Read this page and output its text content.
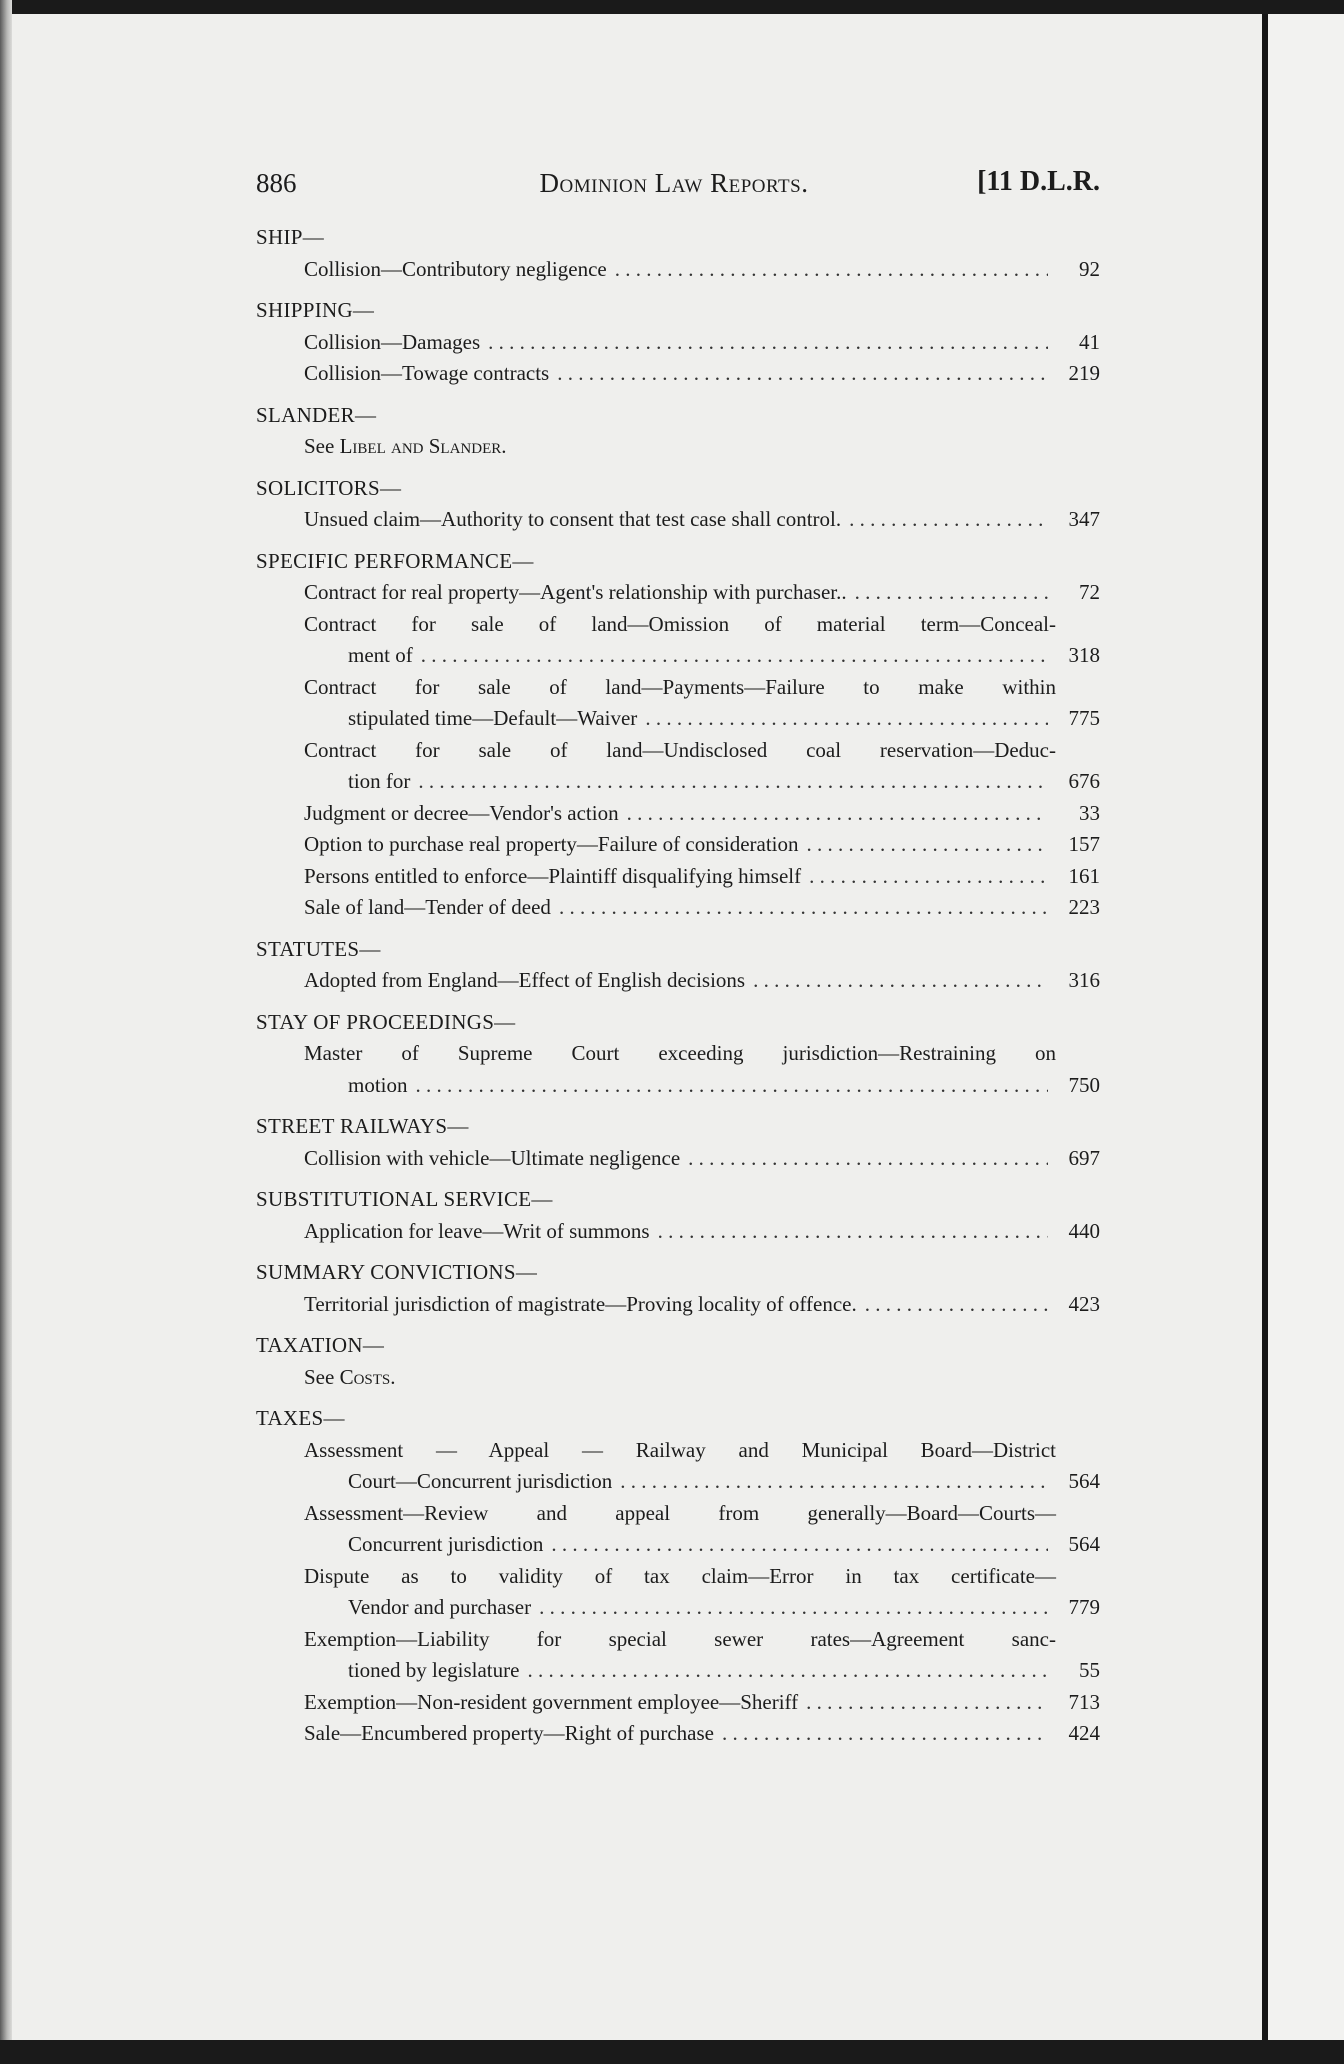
886	Dominion Law Reports.	[11 D.L.R.
SHIP—
Collision—Contributory negligence . . .	92
SHIPPING—
Collision—Damages . . .	41
Collision—Towage contracts . . .	219
SLANDER—
See Libel and Slander.
SOLICITORS—
Unsued claim—Authority to consent that test case shall control. . . .	347
SPECIFIC PERFORMANCE—
Contract for real property—Agent's relationship with purchaser.. . . .	72
Contract for sale of land—Omission of material term—Conceal-
ment of . . .	318
Contract for sale of land—Payments—Failure to make within
stipulated time—Default—Waiver . . .	775
Contract for sale of land—Undisclosed coal reservation—Deduc-
tion for . . .	676
Judgment or decree—Vendor's action . . .	33
Option to purchase real property—Failure of consideration . . .	157
Persons entitled to enforce—Plaintiff disqualifying himself . . .	161
Sale of land—Tender of deed . . .	223
STATUTES—
Adopted from England—Effect of English decisions . . .	316
STAY OF PROCEEDINGS—
Master of Supreme Court exceeding jurisdiction—Restraining on
motion . . .	750
STREET RAILWAYS—
Collision with vehicle—Ultimate negligence . . .	697
SUBSTITUTIONAL SERVICE—
Application for leave—Writ of summons . . .	440
SUMMARY CONVICTIONS—
Territorial jurisdiction of magistrate—Proving locality of offence. . . .	423
TAXATION—
See Costs.
TAXES—
Assessment — Appeal — Railway and Municipal Board—District
Court—Concurrent jurisdiction . . .	564
Assessment—Review and appeal from generally—Board—Courts—
Concurrent jurisdiction . . .	564
Dispute as to validity of tax claim—Error in tax certificate—
Vendor and purchaser . . .	779
Exemption—Liability for special sewer rates—Agreement sanc-
tioned by legislature . . .	55
Exemption—Non-resident government employee—Sheriff . . .	713
Sale—Encumbered property—Right of purchase . . .	424
